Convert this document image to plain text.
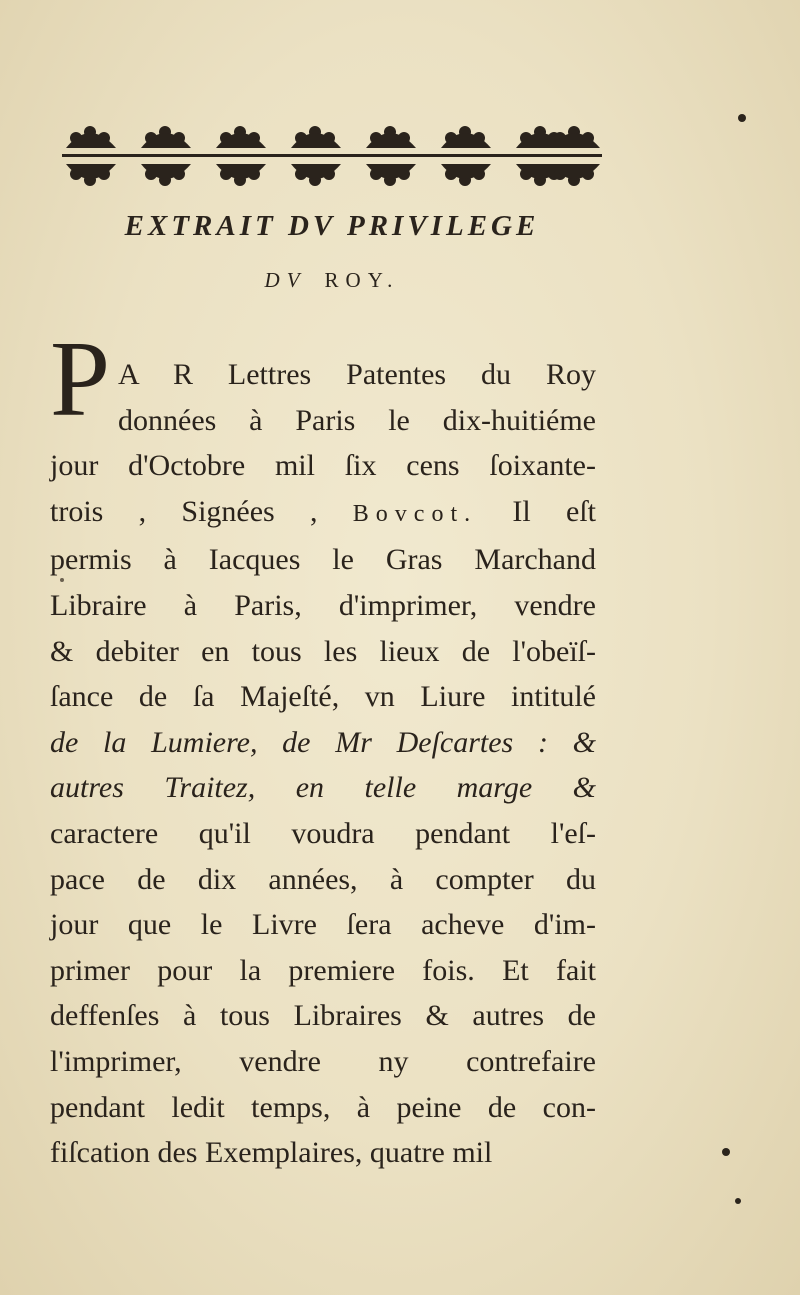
EXTRAIT DV PRIVILEGE

DV ROY.

P A R Lettres Patentes du Roy
données à Paris le dix-huitiéme
jour d'Octobre mil ſix cens ſoixante-
trois , Signées , Bovcot. Il eſt
permis à Iacques le Gras Marchand
Libraire à Paris, d'imprimer, vendre
& debiter en tous les lieux de l'obeïſ-
ſance de ſa Majeſté, vn Liure intitulé
de la Lumiere, de Mr Deſcartes : &
autres Traitez, en telle marge &
caractere qu'il voudra pendant l'eſ-
pace de dix années, à compter du
jour que le Livre ſera acheve d'im-
primer pour la premiere fois. Et fait
deffenſes à tous Libraires & autres de
l'imprimer, vendre ny contrefaire
pendant ledit temps, à peine de con-
fiſcation des Exemplaires, quatre mil
